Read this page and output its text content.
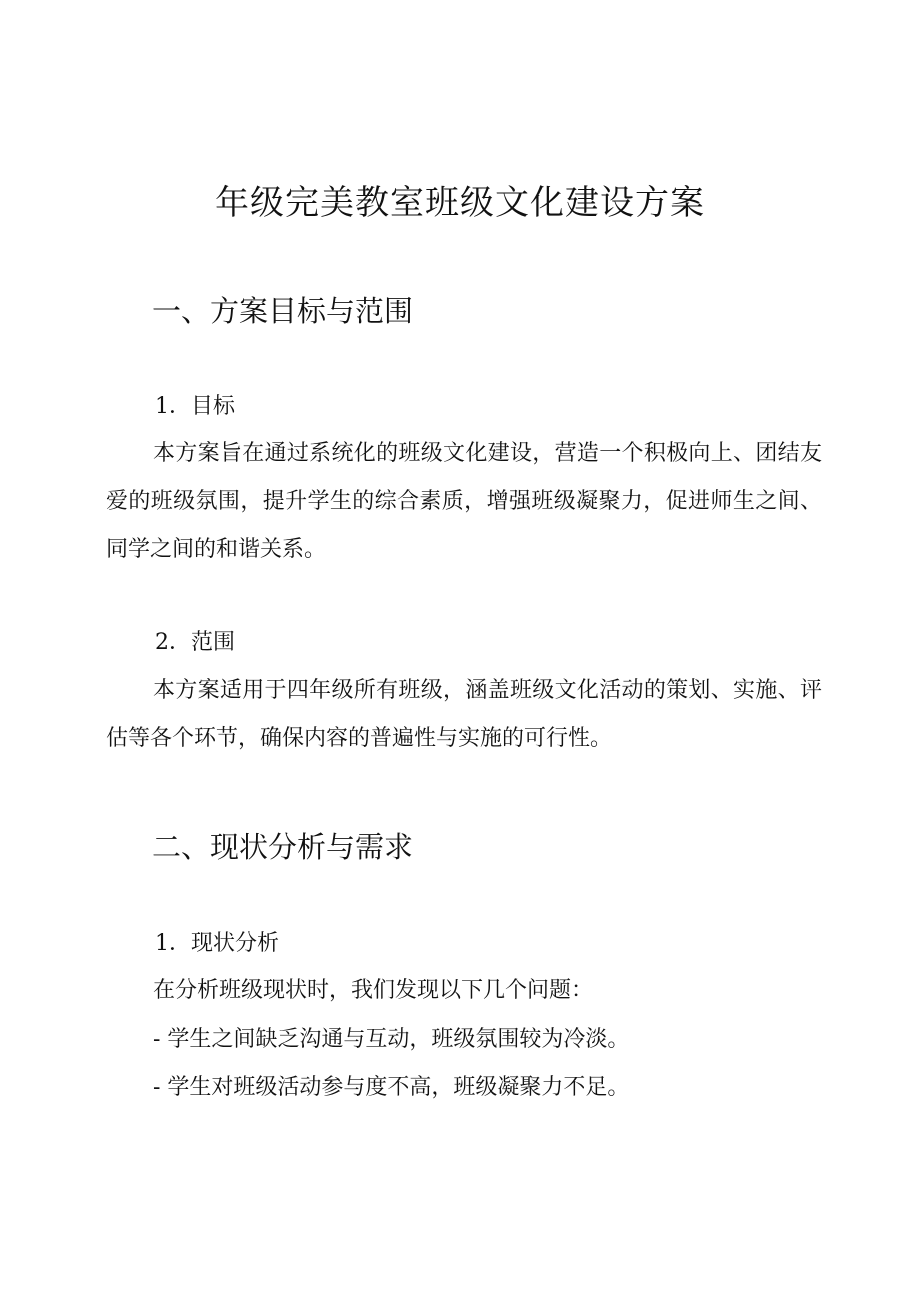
年级完美教室班级文化建设方案
一、方案目标与范围

1．目标

本方案旨在通过系统化的班级文化建设，营造一个积极向上、团结友爱的班级氛围，提升学生的综合素质，增强班级凝聚力，促进师生之间、同学之间的和谐关系。

2．范围

本方案适用于四年级所有班级，涵盖班级文化活动的策划、实施、评估等各个环节，确保内容的普遍性与实施的可行性。

二、现状分析与需求

1．现状分析

在分析班级现状时，我们发现以下几个问题：

- 学生之间缺乏沟通与互动，班级氛围较为冷淡。

- 学生对班级活动参与度不高，班级凝聚力不足。
